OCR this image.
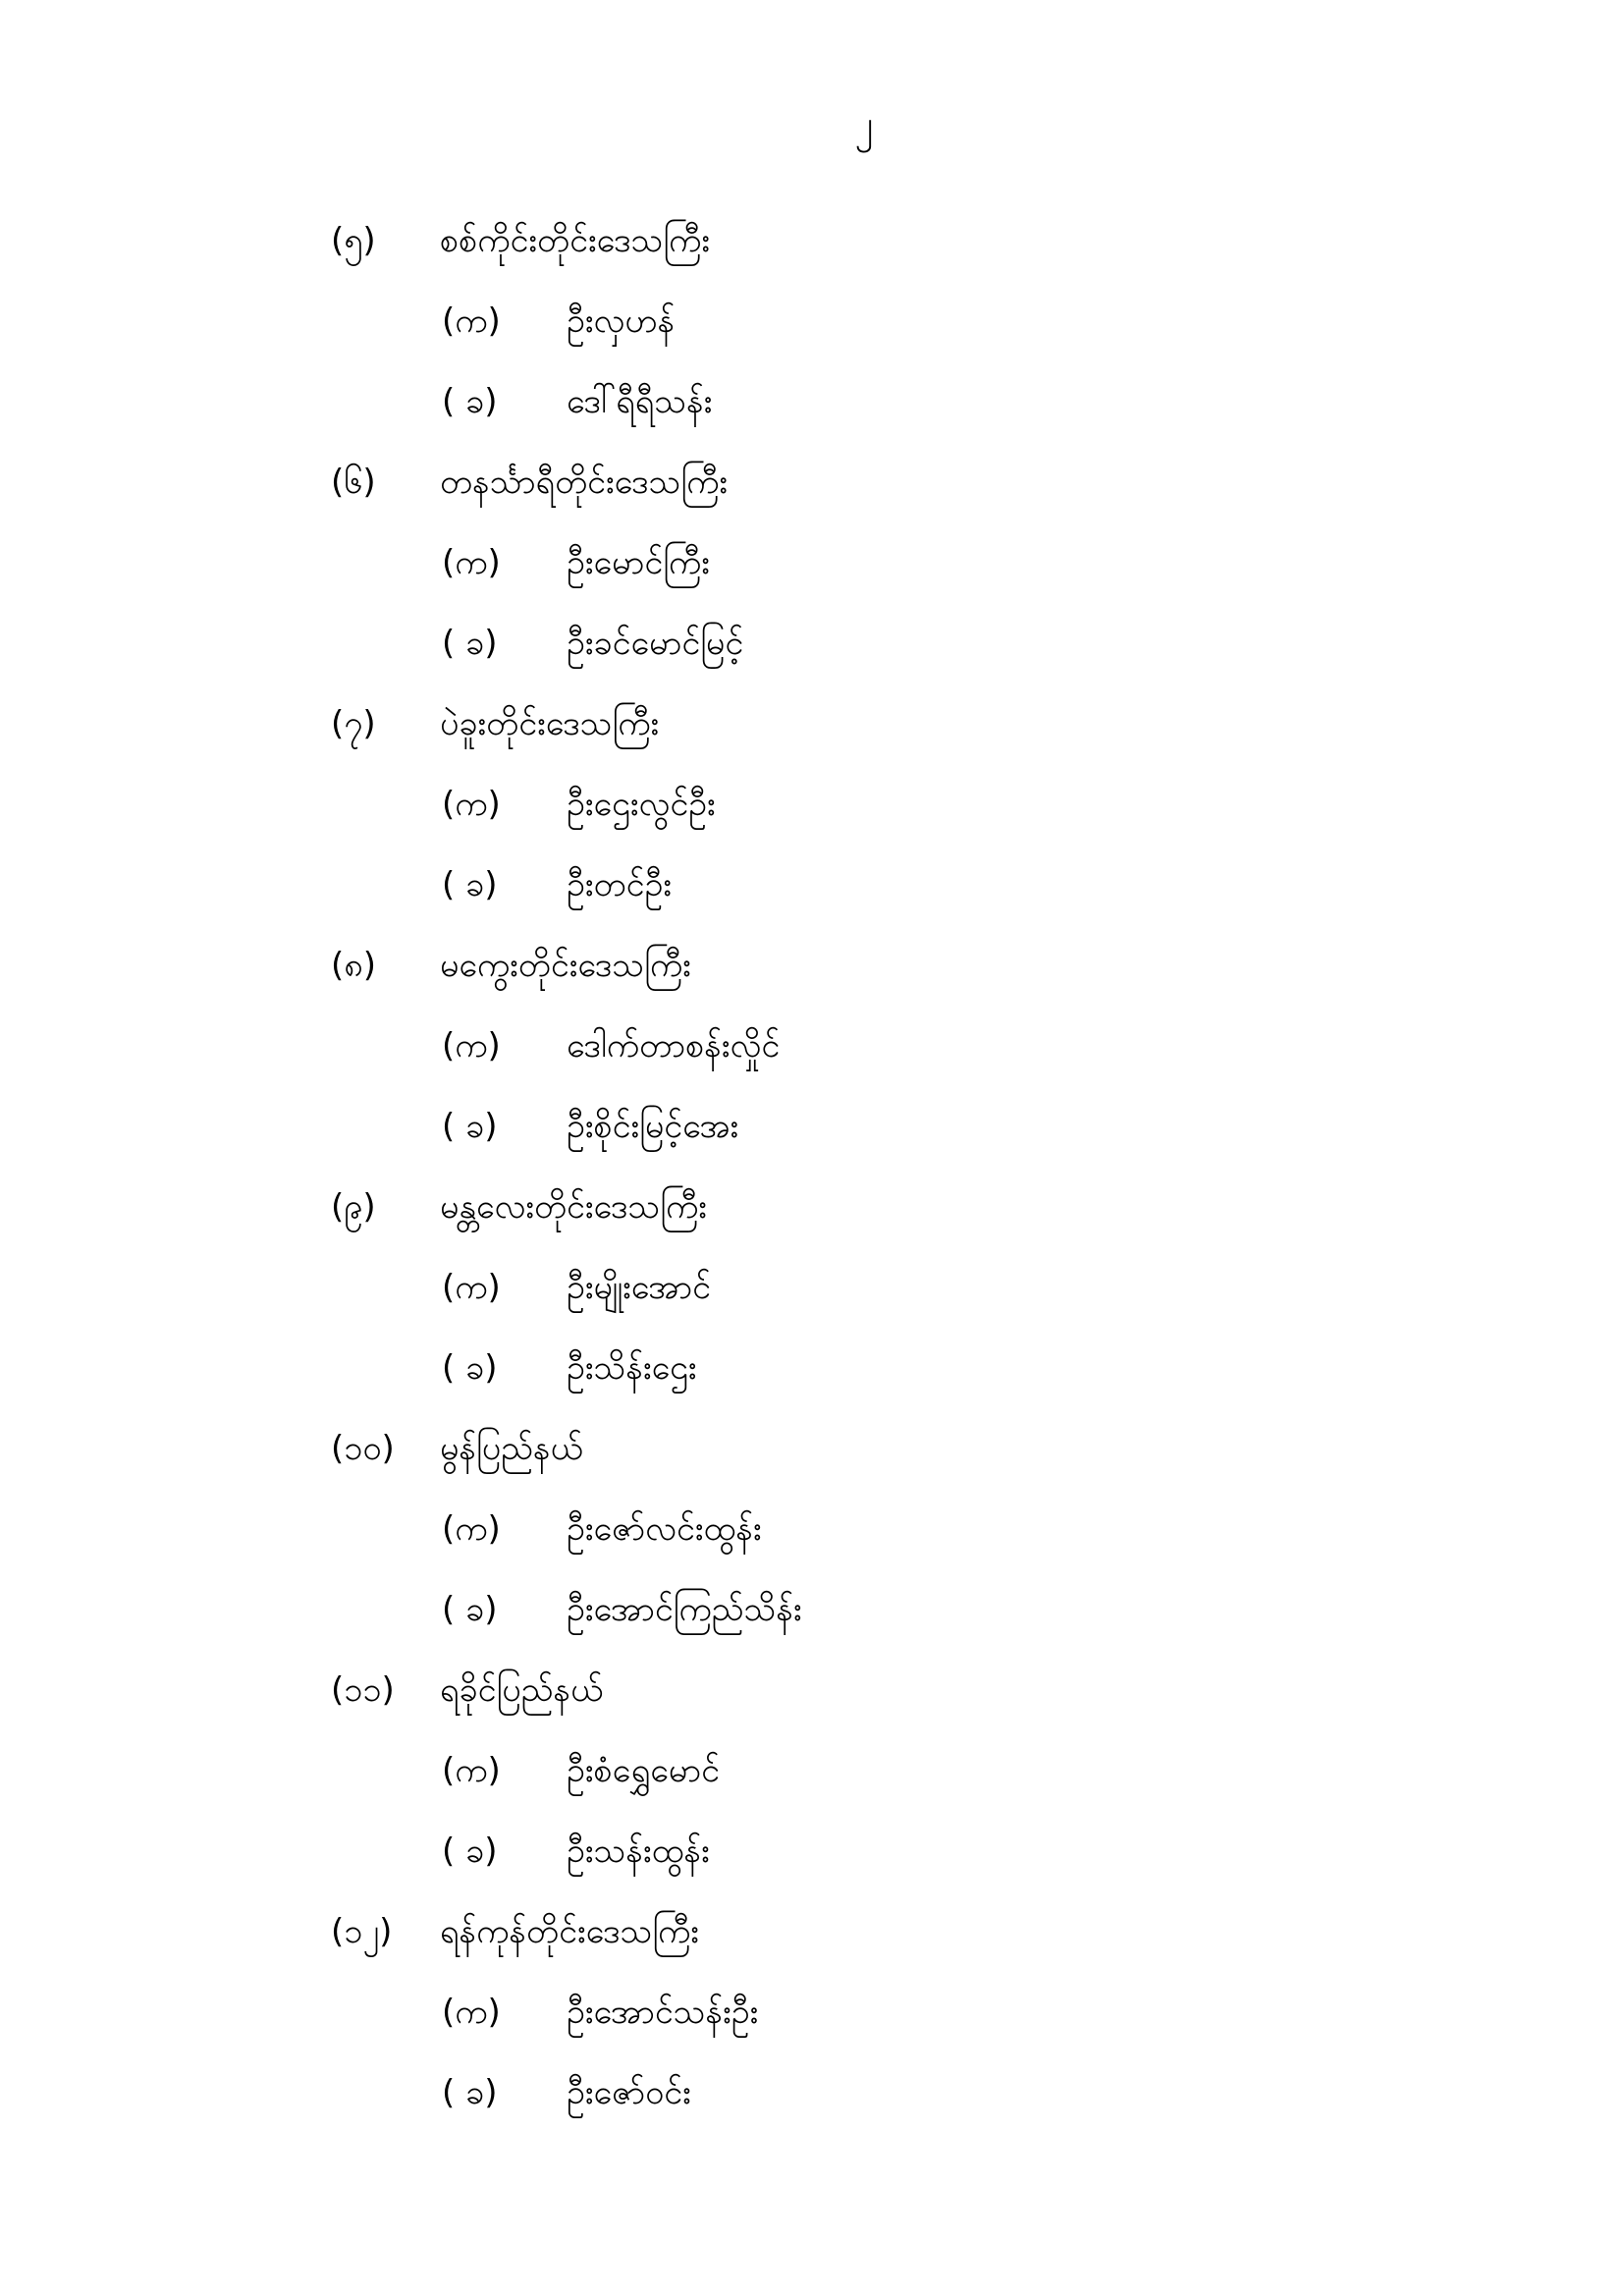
၂
(၅)	စစ်ကိုင်းတိုင်းဒေသကြီး
(က)	ဦးလှဟန်
( ခ)	ဒေါ်ရီရီသန်း
(၆)	တနင်္သာရီတိုင်းဒေသကြီး
(က)	ဦးမောင်ကြီး
( ခ)	ဦးခင်မောင်မြင့်
(၇)	ပဲခူးတိုင်းဒေသကြီး
(က)	ဦးဌေးလွင်ဦး
( ခ)	ဦးတင်ဦး
(၈)	မကွေးတိုင်းဒေသကြီး
(က)	ဒေါက်တာစန်းလှိုင်
( ခ)	ဦးစိုင်းမြင့်အေး
(၉)	မန္တလေးတိုင်းဒေသကြီး
(က)	ဦးမျိုးအောင်
( ခ)	ဦးသိန်းဌေး
(၁၀)	မွန်ပြည်နယ်
(က)	ဦးဇော်လင်းထွန်း
( ခ)	ဦးအောင်ကြည်သိန်း
(၁၁)	ရခိုင်ပြည်နယ်
(က)	ဦးစံရွှေမောင်
( ခ)	ဦးသန်းထွန်း
(၁၂)	ရန်ကုန်တိုင်းဒေသကြီး
(က)	ဦးအောင်သန်းဦး
( ခ)	ဦးဇော်ဝင်း
